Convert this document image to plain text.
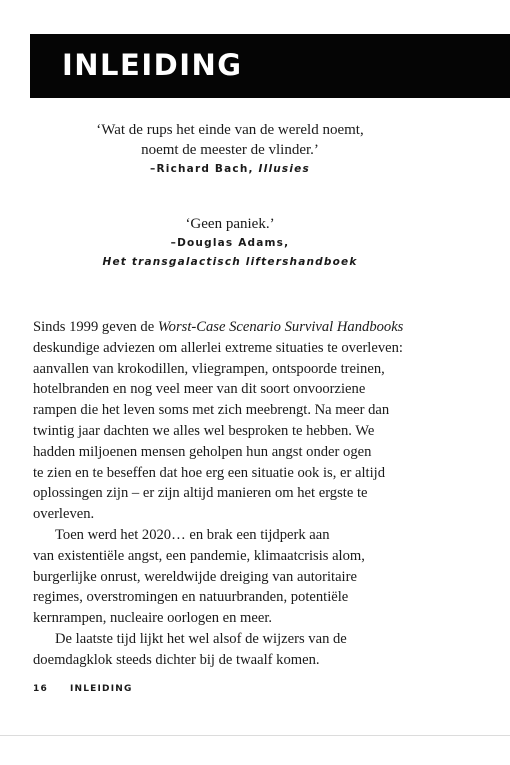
INLEIDING
‘Wat de rups het einde van de wereld noemt,
noemt de meester de vlinder.’
–Richard Bach, Illusies
‘Geen paniek.’
–Douglas Adams,
Het transgalactisch liftershandboek
Sinds 1999 geven de Worst-Case Scenario Survival Handbooks
deskundige adviezen om allerlei extreme situaties te overleven:
aanvallen van krokodillen, vliegrampen, ontspoorde treinen,
hotelbranden en nog veel meer van dit soort onvoorziene
rampen die het leven soms met zich meebrengt. Na meer dan
twintig jaar dachten we alles wel besproken te hebben. We
hadden miljoenen mensen geholpen hun angst onder ogen
te zien en te beseffen dat hoe erg een situatie ook is, er altijd
oplossingen zijn – er zijn altijd manieren om het ergste te
overleven.
Toen werd het 2020… en brak een tijdperk aan
van existentiële angst, een pandemie, klimaatcrisis alom,
burgerlijke onrust, wereldwijde dreiging van autoritaire
regimes, overstromingen en natuurbranden, potentiële
kernrampen, nucleaire oorlogen en meer.
De laatste tijd lijkt het wel alsof de wijzers van de
doemdagklok steeds dichter bij de twaalf komen.
16 INLEIDING
